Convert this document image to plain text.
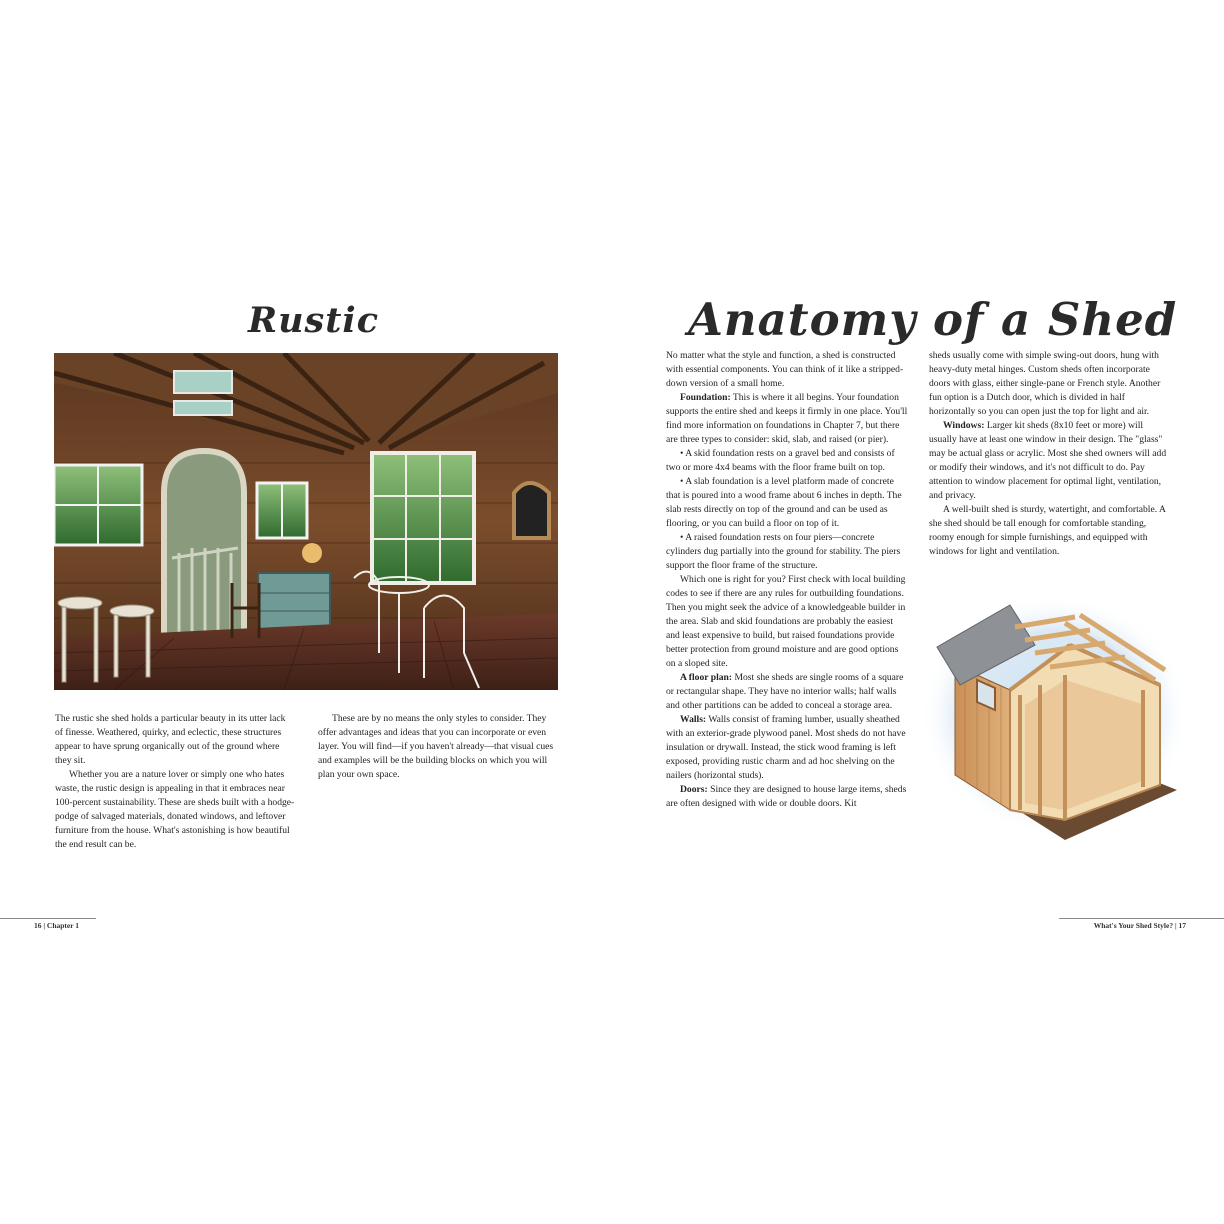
Rustic

The rustic she shed holds a particular beauty in its utter lack of finesse. Weathered, quirky, and eclectic, these structures appear to have sprung organically out of the ground where they sit.

Whether you are a nature lover or simply one who hates waste, the rustic design is appealing in that it embraces near 100-percent sustainability. These are sheds built with a hodge-podge of salvaged materials, donated windows, and leftover furniture from the house. What's astonishing is how beautiful the end result can be.

These are by no means the only styles to consider. They offer advantages and ideas that you can incorporate or even layer. You will find—if you haven't already—that visual cues and examples will be the building blocks on which you will plan your own space.

Anatomy of a Shed

No matter what the style and function, a shed is constructed with essential components. You can think of it like a stripped-down version of a small home.

Foundation: This is where it all begins. Your foundation supports the entire shed and keeps it firmly in one place. You'll find more information on foundations in Chapter 7, but there are three types to consider: skid, slab, and raised (or pier).

• A skid foundation rests on a gravel bed and consists of two or more 4x4 beams with the floor frame built on top.

• A slab foundation is a level platform made of concrete that is poured into a wood frame about 6 inches in depth. The slab rests directly on top of the ground and can be used as flooring, or you can build a floor on top of it.

• A raised foundation rests on four piers—concrete cylinders dug partially into the ground for stability. The piers support the floor frame of the structure.

Which one is right for you? First check with local building codes to see if there are any rules for outbuilding foundations. Then you might seek the advice of a knowledgeable builder in the area. Slab and skid foundations are probably the easiest and least expensive to build, but raised foundations provide better protection from ground moisture and are good options on a sloped site.

A floor plan: Most she sheds are single rooms of a square or rectangular shape. They have no interior walls; half walls and other partitions can be added to conceal a storage area.

Walls: Walls consist of framing lumber, usually sheathed with an exterior-grade plywood panel. Most sheds do not have insulation or drywall. Instead, the stick wood framing is left exposed, providing rustic charm and ad hoc shelving on the nailers (horizontal studs).

Doors: Since they are designed to house large items, sheds are often designed with wide or double doors. Kit

sheds usually come with simple swing-out doors, hung with heavy-duty metal hinges. Custom sheds often incorporate doors with glass, either single-pane or French style. Another fun option is a Dutch door, which is divided in half horizontally so you can open just the top for light and air.

Windows: Larger kit sheds (8x10 feet or more) will usually have at least one window in their design. The "glass" may be actual glass or acrylic. Most she shed owners will add or modify their windows, and it's not difficult to do. Pay attention to window placement for optimal light, ventilation, and privacy.

A well-built shed is sturdy, watertight, and comfortable. A she shed should be tall enough for comfortable standing, roomy enough for simple furnishings, and equipped with windows for light and ventilation.

16 | Chapter 1	What's Your Shed Style? | 17
